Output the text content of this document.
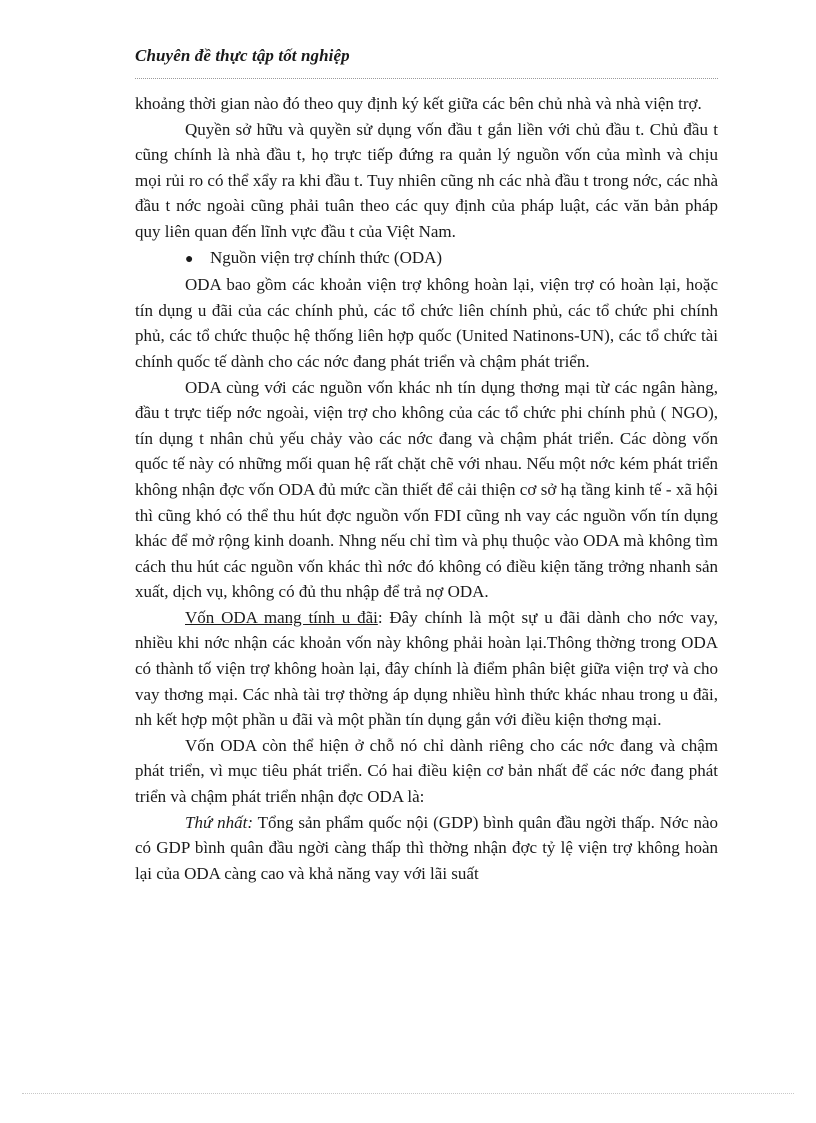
Chuyên đề thực tập tốt nghiệp

khoảng thời gian nào đó theo quy định ký kết giữa các bên chủ nhà và nhà viện trợ.

Quyền sở hữu và quyền sử dụng vốn đầu t gắn liền với chủ đầu t. Chủ đầu t cũng chính là nhà đầu t, họ trực tiếp đứng ra quản lý nguồn vốn của mình và chịu mọi rủi ro có thể xẩy ra khi đầu t. Tuy nhiên cũng nh các nhà đầu t trong nớc, các nhà đầu t nớc ngoài cũng phải tuân theo các quy định của pháp luật, các văn bản pháp quy liên quan đến lĩnh vực đầu t của Việt Nam.

● Nguồn viện trợ chính thức (ODA)

ODA bao gồm các khoản viện trợ không hoàn lại, viện trợ có hoàn lại, hoặc tín dụng u đãi của các chính phủ, các tổ chức liên chính phủ, các tổ chức phi chính phủ, các tổ chức thuộc hệ thống liên hợp quốc (United Natinons-UN), các tổ chức tài chính quốc tế dành cho các nớc đang phát triển và chậm phát triển.

ODA cùng với các nguồn vốn khác nh tín dụng thơng mại từ các ngân hàng, đầu t trực tiếp nớc ngoài, viện trợ cho không của các tổ chức phi chính phủ ( NGO), tín dụng t nhân chủ yếu chảy vào các nớc đang và chậm phát triển. Các dòng vốn quốc tế này có những mối quan hệ rất chặt chẽ với nhau. Nếu một nớc kém phát triển không nhận đợc vốn ODA đủ mức cần thiết để cải thiện cơ sở hạ tầng kinh tế - xã hội thì cũng khó có thể thu hút đợc nguồn vốn FDI cũng nh vay các nguồn vốn tín dụng khác để mở rộng kinh doanh. Nhng nếu chỉ tìm và phụ thuộc vào ODA mà không tìm cách thu hút các nguồn vốn khác thì nớc đó không có điều kiện tăng trởng nhanh sản xuất, dịch vụ, không có đủ thu nhập để trả nợ ODA.

Vốn ODA mang tính u đãi: Đây chính là một sự u đãi dành cho nớc vay, nhiều khi nớc nhận các khoản vốn này không phải hoàn lại.Thông thờng trong ODA có thành tố viện trợ không hoàn lại, đây chính là điểm phân biệt giữa viện trợ và cho vay thơng mại. Các nhà tài trợ thờng áp dụng nhiều hình thức khác nhau trong u đãi, nh kết hợp một phần u đãi và một phần tín dụng gắn với điều kiện thơng mại.

Vốn ODA còn thể hiện ở chỗ nó chỉ dành riêng cho các nớc đang và chậm phát triển, vì mục tiêu phát triển. Có hai điều kiện cơ bản nhất để các nớc đang phát triển và chậm phát triển nhận đợc ODA là:

Thứ nhất: Tổng sản phẩm quốc nội (GDP) bình quân đầu ngời thấp. Nớc nào có GDP bình quân đầu ngời càng thấp thì thờng nhận đợc tỷ lệ viện trợ không hoàn lại của ODA càng cao và khả năng vay với lãi suất
